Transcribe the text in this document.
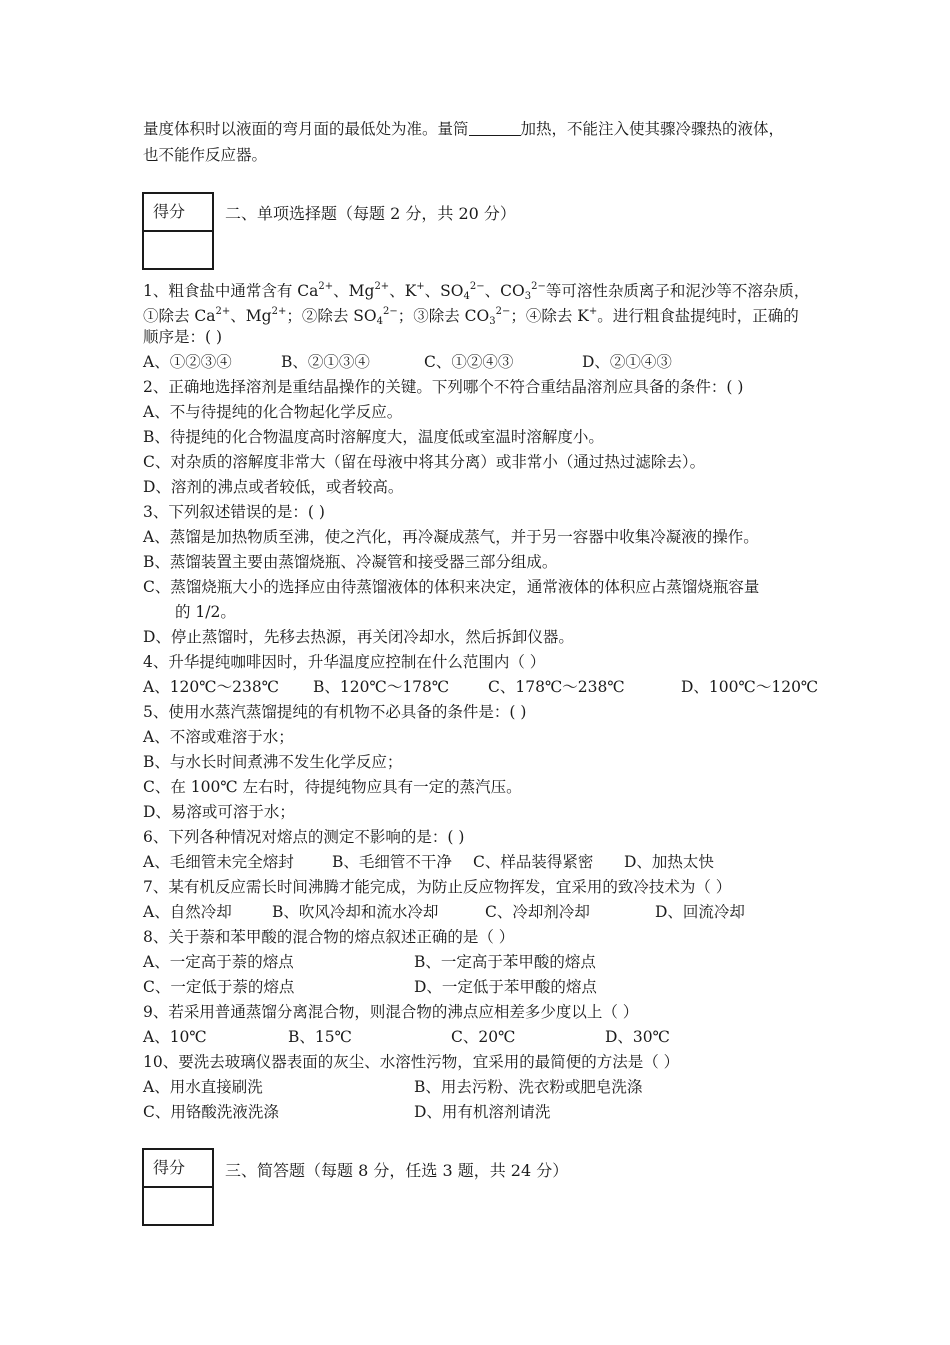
量度体积时以液面的弯月面的最低处为准。量筒	加热，不能注入使其骤冷骤热的液体，
也不能作反应器。
得分	二、单项选择题（每题 2 分，共 20 分）
1、粗食盐中通常含有 $Ca^{2+}$、$Mg^{2+}$、K+、$SO_4^{2-}$、$CO_3^{2-}$等可溶性杂质离子和泥沙等不溶杂质，
①除去 $Ca^{2+}$、$Mg^{2+}$；②除去 $SO_4^{2-}$；③除去 $CO_3^{2-}$；④除去 K+。进行粗食盐提纯时，正确的
顺序是：( )
A、①②③④	B、②①③④	C、①②④③	D、②①④③
2、正确地选择溶剂是重结晶操作的关键。下列哪个不符合重结晶溶剂应具备的条件：( )
A、不与待提纯的化合物起化学反应。
B、待提纯的化合物温度高时溶解度大，温度低或室温时溶解度小。
C、对杂质的溶解度非常大（留在母液中将其分离）或非常小（通过热过滤除去）。
D、溶剂的沸点或者较低，或者较高。
3、下列叙述错误的是：( )
A、蒸馏是加热物质至沸，使之汽化，再冷凝成蒸气，并于另一容器中收集冷凝液的操作。
B、蒸馏装置主要由蒸馏烧瓶、冷凝管和接受器三部分组成。
C、蒸馏烧瓶大小的选择应由待蒸馏液体的体积来决定，通常液体的体积应占蒸馏烧瓶容量
的 1/2。
D、停止蒸馏时，先移去热源，再关闭冷却水，然后拆卸仪器。
4、升华提纯咖啡因时，升华温度应控制在什么范围内（ ）
A、120℃～238℃ B、120℃～178℃	C、178℃～238℃	D、100℃～120℃
5、使用水蒸汽蒸馏提纯的有机物不必具备的条件是：( )
A、不溶或难溶于水；
B、与水长时间煮沸不发生化学反应；
C、在 100℃ 左右时，待提纯物应具有一定的蒸汽压。
D、易溶或可溶于水；
6、下列各种情况对熔点的测定不影响的是：( )
A、毛细管未完全熔封 B、毛细管不干净 C、样品装得紧密 D、加热太快
7、某有机反应需长时间沸腾才能完成，为防止反应物挥发，宜采用的致冷技术为（ ）
A、自然冷却	B、吹风冷却和流水冷却	C、冷却剂冷却	D、回流冷却
8、关于萘和苯甲酸的混合物的熔点叙述正确的是（ ）
A、一定高于萘的熔点	B、一定高于苯甲酸的熔点
C、一定低于萘的熔点	D、一定低于苯甲酸的熔点
9、若采用普通蒸馏分离混合物，则混合物的沸点应相差多少度以上（ ）
A、10℃	B、15℃	C、20℃	D、30℃
10、要洗去玻璃仪器表面的灰尘、水溶性污物，宜采用的最简便的方法是（ ）
A、用水直接刷洗	B、用去污粉、洗衣粉或肥皂洗涤
C、用铬酸洗液洗涤	D、用有机溶剂请洗
得分	三、简答题（每题 8 分，任选 3 题，共 24 分）
